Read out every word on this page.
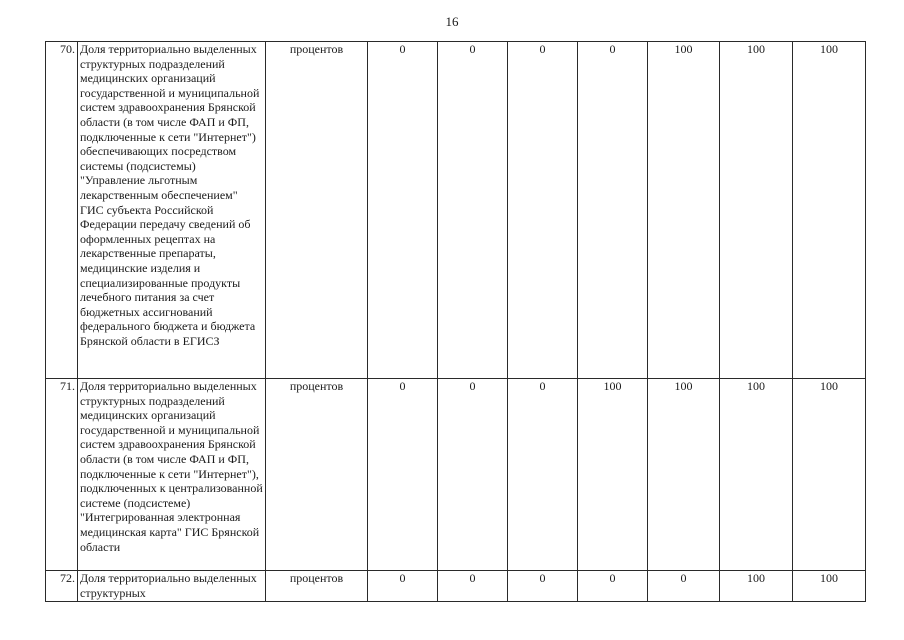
16
70.	Доля территориально выделенных структурных подразделений медицинских организаций государственной и муниципальной систем здравоохранения Брянской области (в том числе ФАП и ФП, подключенные к сети "Интернет") обеспечивающих посредством системы (подсистемы) "Управление льготным лекарственным обеспечением" ГИС субъекта Российской Федерации передачу сведений об оформленных рецептах на лекарственные препараты, медицинские изделия и специализированные продукты лечебного питания за счет бюджетных ассигнований федерального бюджета и бюджета Брянской области в ЕГИСЗ	процентов	0	0	0	0	100	100	100
71.	Доля территориально выделенных структурных подразделений медицинских организаций государственной и муниципальной систем здравоохранения Брянской области (в том числе ФАП и ФП, подключенные к сети "Интернет"), подключенных к централизованной системе (подсистеме) "Интегрированная электронная медицинская карта" ГИС Брянской области	процентов	0	0	0	100	100	100	100
72.	Доля территориально выделенных структурных	процентов	0	0	0	0	0	100	100
